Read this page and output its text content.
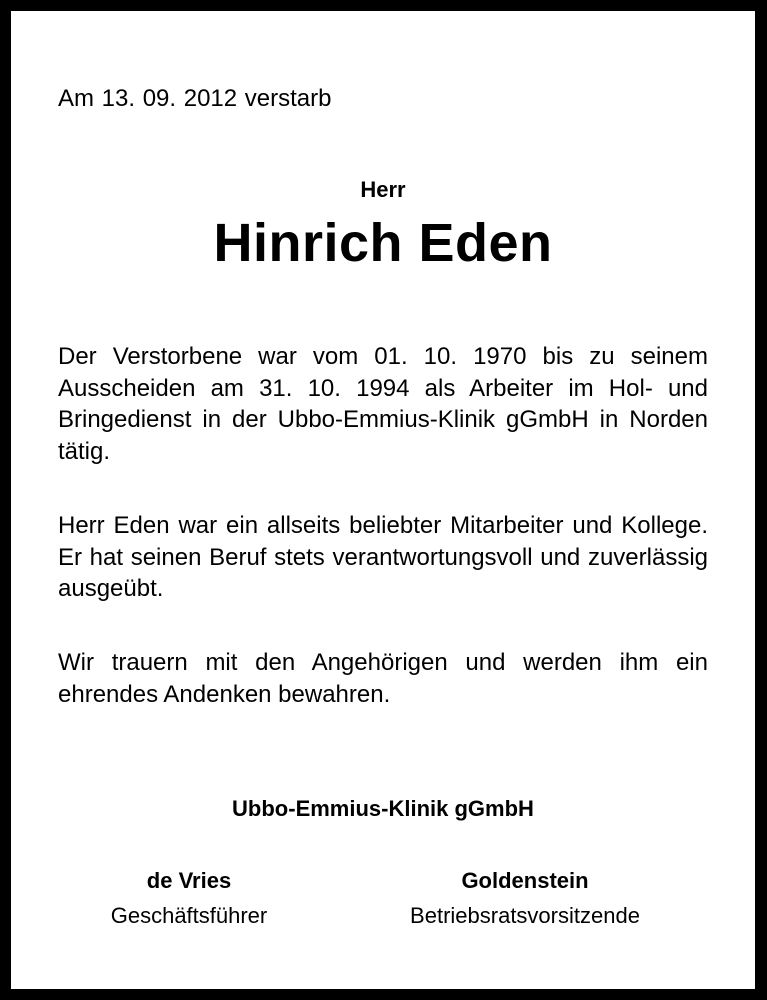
Am 13. 09. 2012 verstarb

Herr

Hinrich Eden

Der Verstorbene war vom 01. 10. 1970 bis zu seinem Ausscheiden am 31. 10. 1994 als Arbeiter im Hol- und Bringedienst in der Ubbo-Emmius-Klinik gGmbH in Norden tätig.

Herr Eden war ein allseits beliebter Mitarbeiter und Kollege. Er hat seinen Beruf stets verantwortungsvoll und zuverlässig ausgeübt.

Wir trauern mit den Angehörigen und werden ihm ein ehrendes Andenken bewahren.

Ubbo-Emmius-Klinik gGmbH

de Vries
Geschäftsführer
Goldenstein
Betriebsratsvorsitzende
